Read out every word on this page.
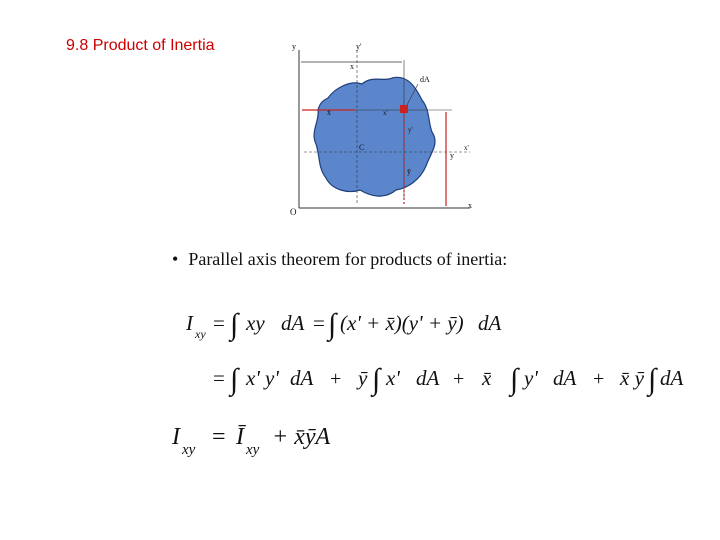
9.8 Product of Inertia	y	y'
x
dA
x̄	x'
y'
C
ȳ
x'
y
O
x
• Parallel axis theorem for products of inertia:
I xy = ∫ xy dA = ∫ (x' + x̄)(y' + ȳ) dA
= ∫ x' y' dA + ȳ ∫ x' dA + x̄ ∫ y' dA + x̄ ȳ ∫ dA
I xy = Ī xy + x̄ȳA
